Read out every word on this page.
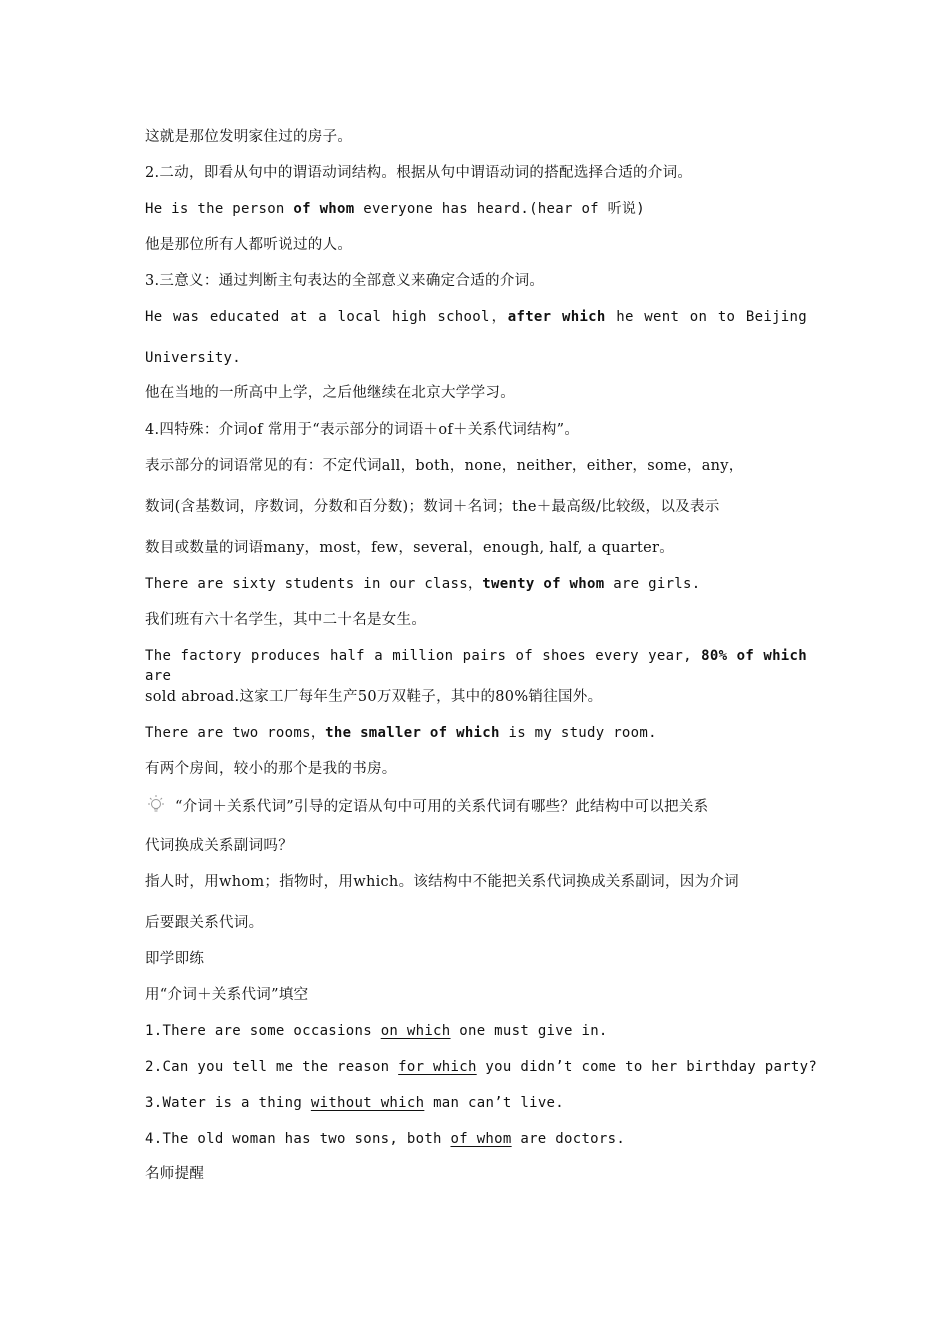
这就是那位发明家住过的房子。
2.二动，即看从句中的谓语动词结构。根据从句中谓语动词的搭配选择合适的介词。
He is the person of whom everyone has heard.(hear of 听说)
他是那位所有人都听说过的人。
3.三意义：通过判断主句表达的全部意义来确定合适的介词。
He was educated at a local high school，after which he went on to Beijing
University.
他在当地的一所高中上学，之后他继续在北京大学学习。
4.四特殊：介词of 常用于“表示部分的词语＋of＋关系代词结构”。
表示部分的词语常见的有：不定代词all，both，none，neither，either，some，any，
数词(含基数词，序数词，分数和百分数)；数词＋名词；the＋最高级/比较级，以及表示
数目或数量的词语many，most，few，several，enough, half, a quarter。
There are sixty students in our class，twenty of whom are girls.
我们班有六十名学生，其中二十名是女生。
The factory produces half a million pairs of shoes every year, 80% of which are
sold abroad.这家工厂每年生产50万双鞋子，其中的80%销往国外。
There are two rooms，the smaller of which is my study room.
有两个房间，较小的那个是我的书房。
“介词＋关系代词”引导的定语从句中可用的关系代词有哪些？此结构中可以把关系
代词换成关系副词吗？
指人时，用whom；指物时，用which。该结构中不能把关系代词换成关系副词，因为介词
后要跟关系代词。
即学即练
用“介词＋关系代词”填空
1.There are some occasions on which one must give in.
2.Can you tell me the reason for which you didn’t come to her birthday party?
3.Water is a thing without which man can’t live.
4.The old woman has two sons, both of whom are doctors.
名师提醒
